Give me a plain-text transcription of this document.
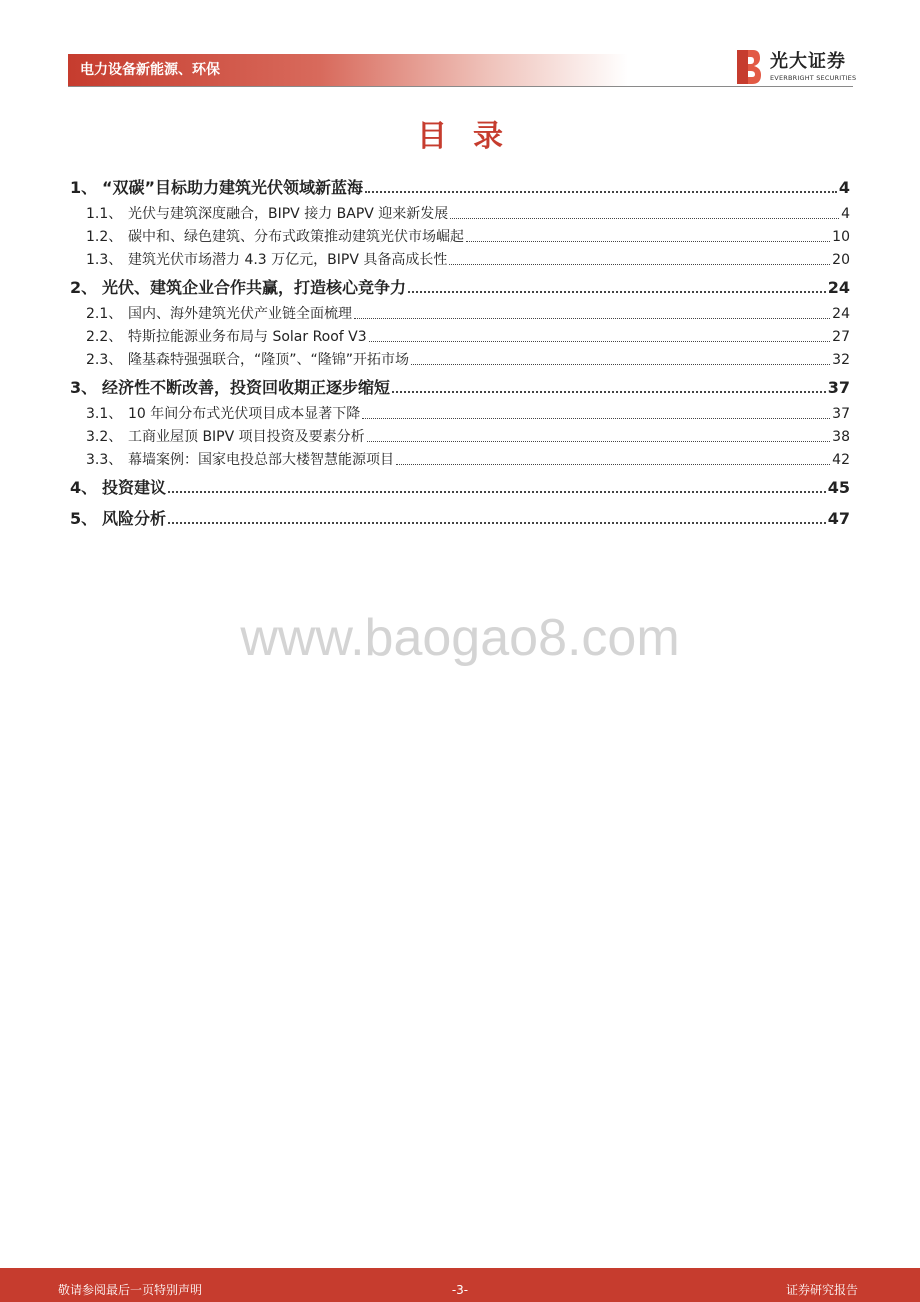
电力设备新能源、环保	光大证券
EVERBRIGHT SECURITIES
目录
1、 “双碳”目标助力建筑光伏领域新蓝海	4
1.1、 光伏与建筑深度融合，BIPV 接力 BAPV 迎来新发展	4
1.2、 碳中和、绿色建筑、分布式政策推动建筑光伏市场崛起	10
1.3、 建筑光伏市场潜力 4.3 万亿元，BIPV 具备高成长性	20
2、 光伏、建筑企业合作共赢，打造核心竞争力	24
2.1、 国内、海外建筑光伏产业链全面梳理	24
2.2、 特斯拉能源业务布局与 Solar Roof V3	27
2.3、 隆基森特强强联合，“隆顶”、“隆锦”开拓市场	32
3、 经济性不断改善，投资回收期正逐步缩短	37
3.1、 10 年间分布式光伏项目成本显著下降	37
3.2、 工商业屋顶 BIPV 项目投资及要素分析	38
3.3、 幕墙案例：国家电投总部大楼智慧能源项目	42
4、 投资建议	45
5、 风险分析	47
www.baogao8.com
敬请参阅最后一页特别声明	-3-	证券研究报告
